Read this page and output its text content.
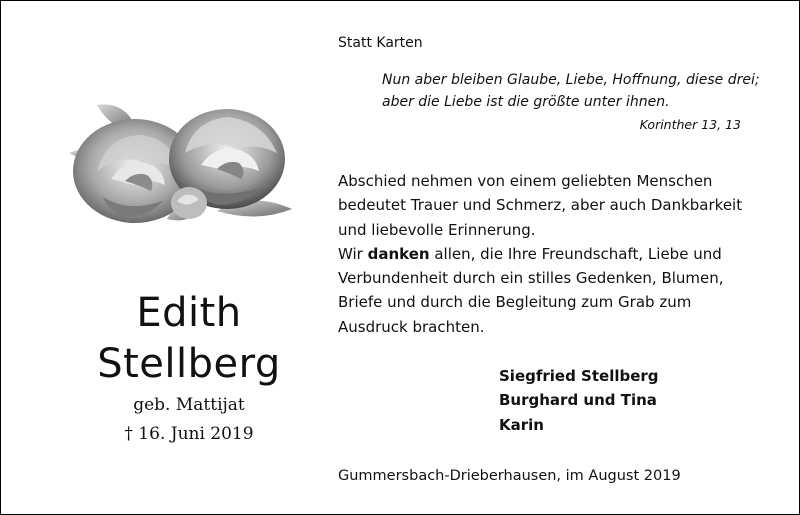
Edith
Stellberg
geb. Mattijat
† 16. Juni 2019
Statt Karten
Nun aber bleiben Glaube, Liebe, Hoffnung, diese drei;
aber die Liebe ist die größte unter ihnen.
Korinther 13, 13
Abschied nehmen von einem geliebten Menschen
bedeutet Trauer und Schmerz, aber auch Dankbarkeit
und liebevolle Erinnerung.
Wir danken allen, die Ihre Freundschaft, Liebe und
Verbundenheit durch ein stilles Gedenken, Blumen,
Briefe und durch die Begleitung zum Grab zum
Ausdruck brachten.
Siegfried Stellberg
Burghard und Tina
Karin
Gummersbach-Drieberhausen, im August 2019
